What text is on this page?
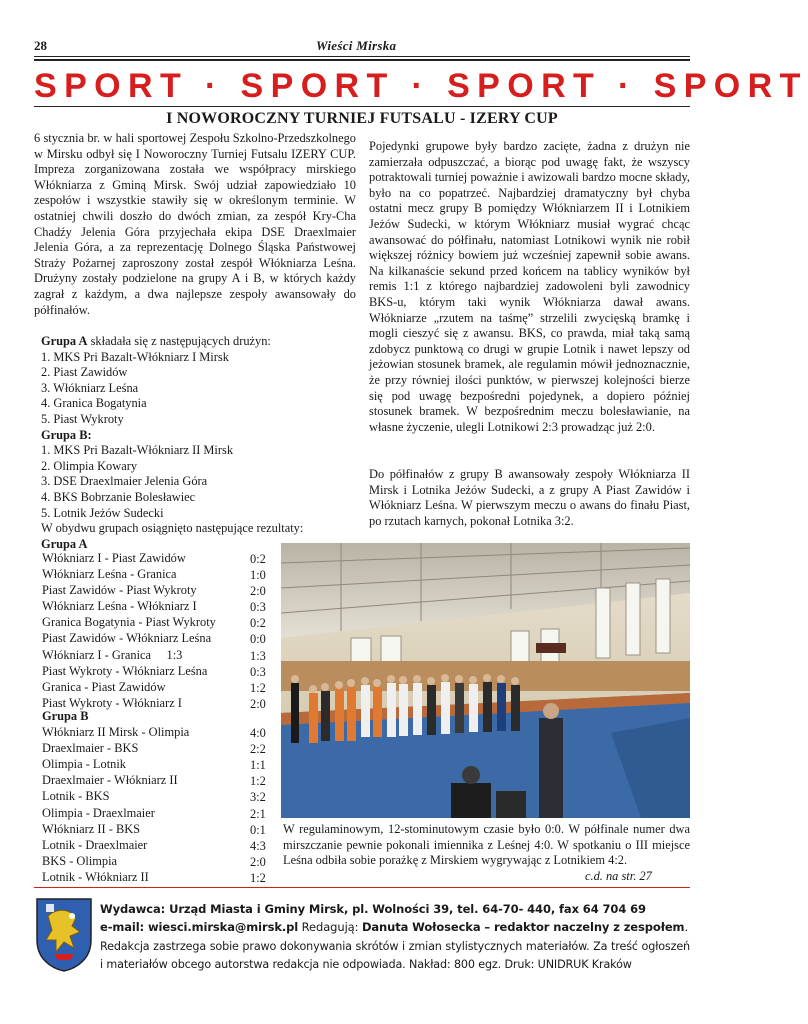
28	Wieści Mirska
SPORT · SPORT · SPORT · SPORT
I NOWOROCZNY TURNIEJ FUTSALU - IZERY CUP
6 stycznia br. w hali sportowej Zespołu Szkolno-Przedszkolnego w Mirsku odbył się I Noworoczny Turniej Futsalu IZERY CUP. Impreza zorganizowana została we współpracy mirskiego Włókniarza z Gminą Mirsk. Swój udział zapowiedziało 10 zespołów i wszystkie stawiły się w określonym terminie. W ostatniej chwili doszło do dwóch zmian, za zespół Kry-Cha Chadźy Jelenia Góra przyjechała ekipa DSE Draexlmaier Jelenia Góra, a za reprezentację Dolnego Śląska Państwowej Straży Pożarnej zaproszony został zespół Włókniarza Leśna. Drużyny zostały podzielone na grupy A i B, w których każdy zagrał z każdym, a dwa najlepsze zespoły awansowały do półfinałów.
Grupa A składała się z następujących drużyn:
1. MKS Pri Bazalt-Włókniarz I Mirsk
2. Piast Zawidów
3. Włókniarz Leśna
4. Granica Bogatynia
5. Piast Wykroty
Grupa B:
1. MKS Pri Bazalt-Włókniarz II Mirsk
2. Olimpia Kowary
3. DSE Draexlmaier Jelenia Góra
4. BKS Bobrzanie Bolesławiec
5. Lotnik Jeżów Sudecki
W obydwu grupach osiągnięto następujące rezultaty:
Grupa A
Włókniarz I - Piast Zawidów	0:2
Włókniarz Leśna - Granica	1:0
Piast Zawidów - Piast Wykroty	2:0
Włókniarz Leśna - Włókniarz I	0:3
Granica Bogatynia - Piast Wykroty	0:2
Piast Zawidów - Włókniarz Leśna	0:0
Włókniarz I - Granica     1:3	1:3
Piast Wykroty - Włókniarz Leśna	0:3
Granica - Piast Zawidów	1:2
Piast Wykroty - Włókniarz I	2:0
Grupa B
Włókniarz II Mirsk - Olimpia	4:0
Draexlmaier - BKS	2:2
Olimpia - Lotnik	1:1
Draexlmaier - Włókniarz II	1:2
Lotnik - BKS	3:2
Olimpia - Draexlmaier	2:1
Włókniarz II - BKS	0:1
Lotnik - Draexlmaier	4:3
BKS - Olimpia	2:0
Lotnik - Włókniarz II	1:2
Pojedynki grupowe były bardzo zacięte, żadna z drużyn nie zamierzała odpuszczać, a biorąc pod uwagę fakt, że wszyscy potraktowali turniej poważnie i awizowali bardzo mocne składy, było na co popatrzeć. Najbardziej dramatyczny był chyba ostatni mecz grupy B pomiędzy Włókniarzem II i Lotnikiem Jeżów Sudecki, w którym Włókniarz musiał wygrać chcąc awansować do półfinału, natomiast Lotnikowi wynik nie robił większej różnicy bowiem już wcześniej zapewnił sobie awans. Na kilkanaście sekund przed końcem na tablicy wyników był remis 1:1 z którego najbardziej zadowoleni byli zawodnicy BKS-u, którym taki wynik Włókniarza dawał awans. Włókniarze „rzutem na taśmę” strzelili zwycięską bramkę i mogli cieszyć się z awansu. BKS, co prawda, miał taką samą zdobycz punktową co drugi w grupie Lotnik i nawet lepszy od jeżowian stosunek bramek, ale regulamin mówił jednoznacznie, że przy równiej ilości punktów, w pierwszej kolejności bierze się pod uwagę bezpośredni pojedynek, a dopiero później stosunek bramek. W bezpośrednim meczu bolesławianie, na własne życzenie, ulegli Lotnikowi 2:3 prowadząc już 2:0.
Do półfinałów z grupy B awansowały zespoły Włókniarza II Mirsk i Lotnika Jeżów Sudecki, a z grupy A Piast Zawidów i Włókniarz Leśna. W pierwszym meczu o awans do finału Piast, po rzutach karnych, pokonał Lotnika 3:2.
W regulaminowym, 12-stominutowym czasie było 0:0. W półfinale numer dwa mirszczanie pewnie pokonali imiennika z Leśnej 4:0. W spotkaniu o III miejsce Leśna odbiła sobie porażkę z Mirskiem wygrywając z Lotnikiem 4:2.
c.d. na str. 27
Wydawca: Urząd Miasta i Gminy Mirsk, pl. Wolności 39, tel. 64-70- 440, fax 64 704 69
e-mail: wiesci.mirska@mirsk.pl Redagują: Danuta Wołosecka – redaktor naczelny z zespołem.
Redakcja zastrzega sobie prawo dokonywania skrótów i zmian stylistycznych materiałów. Za treść ogłoszeń i materiałów obcego autorstwa redakcja nie odpowiada. Nakład: 800 egz. Druk: UNIDRUK Kraków
